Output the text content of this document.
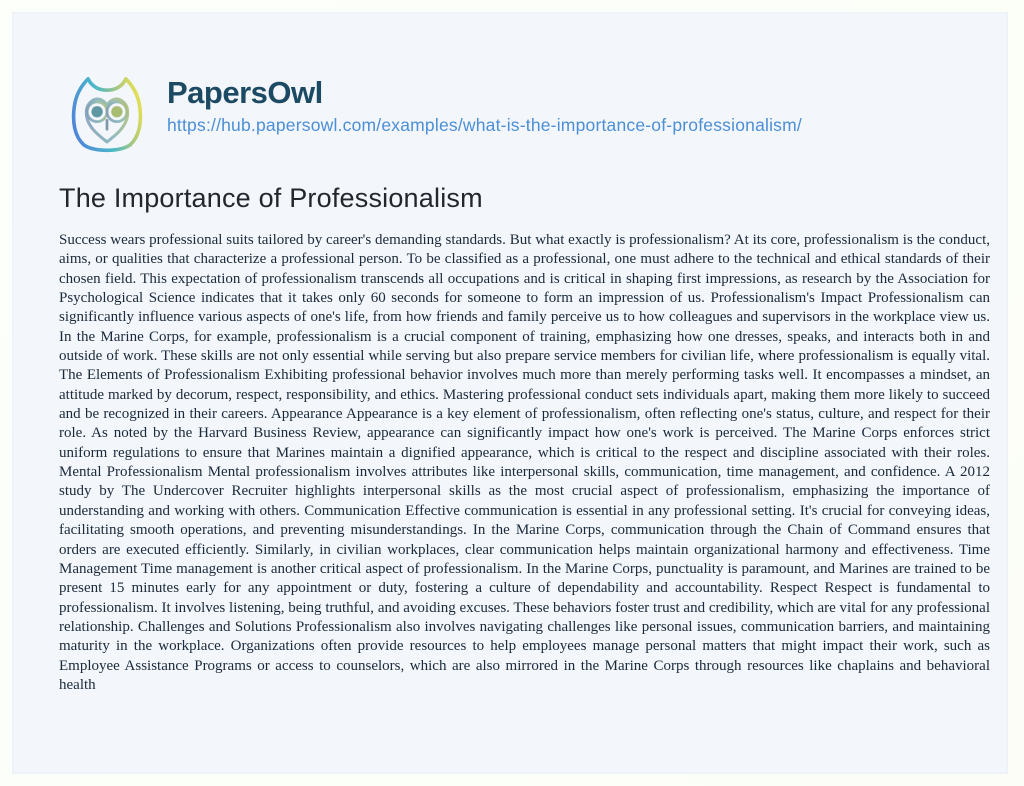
PapersOwl
https://hub.papersowl.com/examples/what-is-the-importance-of-professionalism/
The Importance of Professionalism

Success wears professional suits tailored by career's demanding standards. But what exactly is professionalism? At its core, professionalism is the conduct, aims, or qualities that characterize a professional person. To be classified as a professional, one must adhere to the technical and ethical standards of their chosen field. This expectation of professionalism transcends all occupations and is critical in shaping first impressions, as research by the Association for Psychological Science indicates that it takes only 60 seconds for someone to form an impression of us. Professionalism's Impact Professionalism can significantly influence various aspects of one's life, from how friends and family perceive us to how colleagues and supervisors in the workplace view us. In the Marine Corps, for example, professionalism is a crucial component of training, emphasizing how one dresses, speaks, and interacts both in and outside of work. These skills are not only essential while serving but also prepare service members for civilian life, where professionalism is equally vital. The Elements of Professionalism Exhibiting professional behavior involves much more than merely performing tasks well. It encompasses a mindset, an attitude marked by decorum, respect, responsibility, and ethics. Mastering professional conduct sets individuals apart, making them more likely to succeed and be recognized in their careers. Appearance Appearance is a key element of professionalism, often reflecting one's status, culture, and respect for their role. As noted by the Harvard Business Review, appearance can significantly impact how one's work is perceived. The Marine Corps enforces strict uniform regulations to ensure that Marines maintain a dignified appearance, which is critical to the respect and discipline associated with their roles. Mental Professionalism Mental professionalism involves attributes like interpersonal skills, communication, time management, and confidence. A 2012 study by The Undercover Recruiter highlights interpersonal skills as the most crucial aspect of professionalism, emphasizing the importance of understanding and working with others. Communication Effective communication is essential in any professional setting. It's crucial for conveying ideas, facilitating smooth operations, and preventing misunderstandings. In the Marine Corps, communication through the Chain of Command ensures that orders are executed efficiently. Similarly, in civilian workplaces, clear communication helps maintain organizational harmony and effectiveness. Time Management Time management is another critical aspect of professionalism. In the Marine Corps, punctuality is paramount, and Marines are trained to be present 15 minutes early for any appointment or duty, fostering a culture of dependability and accountability. Respect Respect is fundamental to professionalism. It involves listening, being truthful, and avoiding excuses. These behaviors foster trust and credibility, which are vital for any professional relationship. Challenges and Solutions Professionalism also involves navigating challenges like personal issues, communication barriers, and maintaining maturity in the workplace. Organizations often provide resources to help employees manage personal matters that might impact their work, such as Employee Assistance Programs or access to counselors, which are also mirrored in the Marine Corps through resources like chaplains and behavioral health
